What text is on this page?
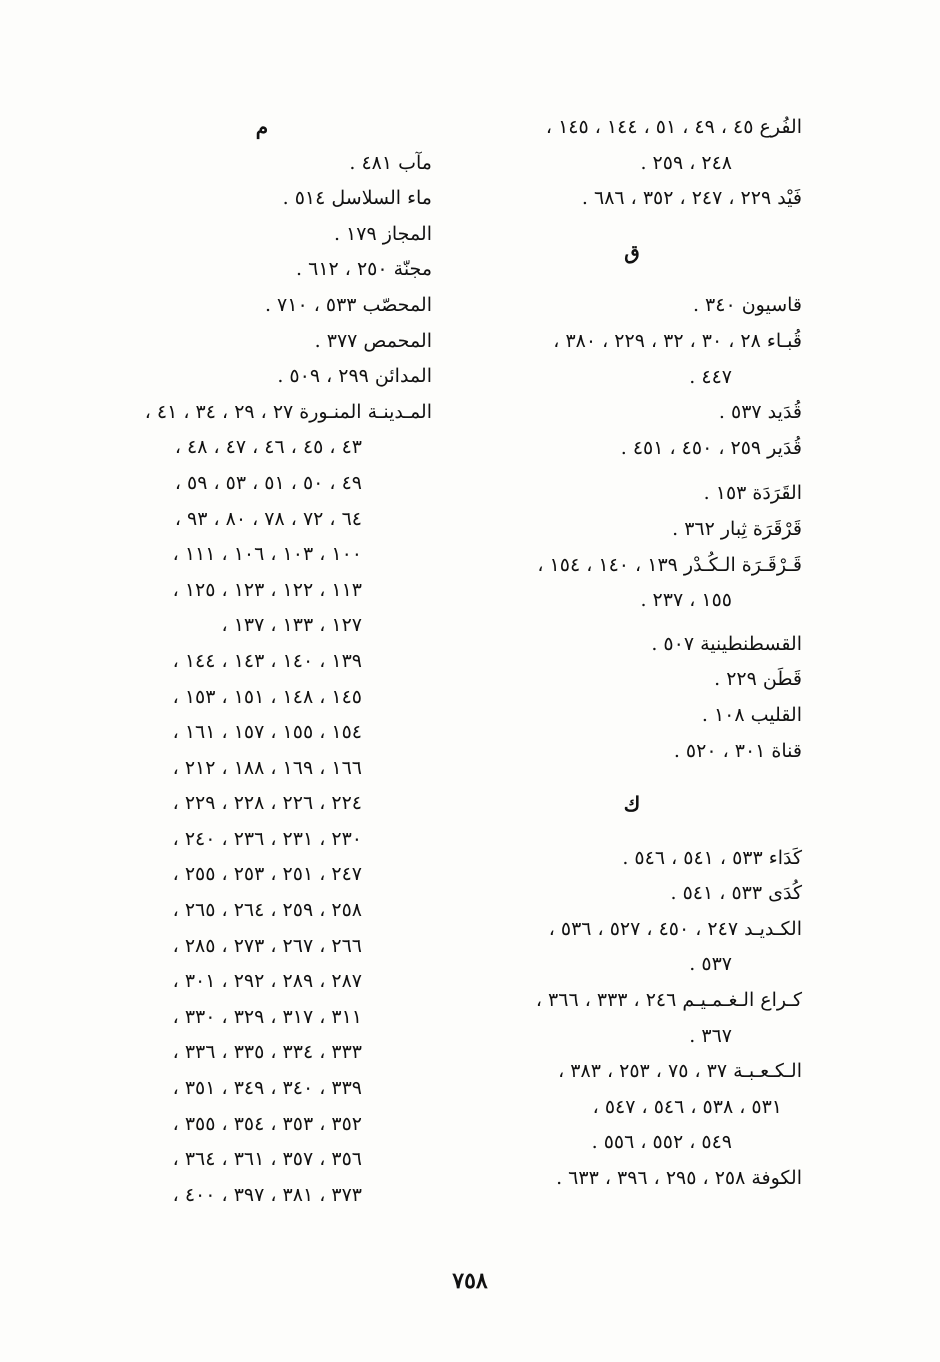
الفُرع ٤٥ ، ٤٩ ، ٥١ ، ١٤٤ ، ١٤٥ ،
٢٤٨ ، ٢٥٩ .
فَيْد ٢٢٩ ، ٢٤٧ ، ٣٥٢ ، ٦٨٦ .
ق
قاسيون ٣٤٠ .
قُبـاء ٢٨ ، ٣٠ ، ٣٢ ، ٢٢٩ ، ٣٨٠ ،
٤٤٧ .
قُدَيد ٥٣٧ .
قُدَير ٢٥٩ ، ٤٥٠ ، ٤٥١ .
القَرَدَة ١٥٣ .
قَرْقَرَة ثِبار ٣٦٢ .
قَـرْقَـرَة الـكُـدْر ١٣٩ ، ١٤٠ ، ١٥٤ ،
١٥٥ ، ٢٣٧ .
القسطنطينية ٥٠٧ .
قَطَن ٢٢٩ .
القليب ١٠٨ .
قناة ٣٠١ ، ٥٢٠ .
ك
كَدَاء ٥٣٣ ، ٥٤١ ، ٥٤٦ .
كُدَى ٥٣٣ ، ٥٤١ .
الكـديـد ٢٤٧ ، ٤٥٠ ، ٥٢٧ ، ٥٣٦ ،
٥٣٧ .
كـراع الـغـمـيـم ٢٤٦ ، ٣٣٣ ، ٣٦٦ ،
٣٦٧ .
الـكـعـبـة ٣٧ ، ٧٥ ، ٢٥٣ ، ٣٨٣ ،
٥٣١ ، ٥٣٨ ، ٥٤٦ ، ٥٤٧ ،
٥٤٩ ، ٥٥٢ ، ٥٥٦ .
الكوفة ٢٥٨ ، ٢٩٥ ، ٣٩٦ ، ٦٣٣ .
م
مآب ٤٨١ .
ماء السلاسل ٥١٤ .
المجاز ١٧٩ .
مجنّة ٢٥٠ ، ٦١٢ .
المحصّب ٥٣٣ ، ٧١٠ .
المحمص ٣٧٧ .
المدائن ٢٩٩ ، ٥٠٩ .
المـدينـة المنـورة ٢٧ ، ٢٩ ، ٣٤ ، ٤١ ،
٤٣ ، ٤٥ ، ٤٦ ، ٤٧ ، ٤٨ ،
٤٩ ، ٥٠ ، ٥١ ، ٥٣ ، ٥٩ ،
٦٤ ، ٧٢ ، ٧٨ ، ٨٠ ، ٩٣ ،
١٠٠ ، ١٠٣ ، ١٠٦ ، ١١١ ،
١١٣ ، ١٢٢ ، ١٢٣ ، ١٢٥ ،
١٢٧ ، ١٣٣ ، ١٣٧ ،
١٣٩ ، ١٤٠ ، ١٤٣ ، ١٤٤ ،
١٤٥ ، ١٤٨ ، ١٥١ ، ١٥٣ ،
١٥٤ ، ١٥٥ ، ١٥٧ ، ١٦١ ،
١٦٦ ، ١٦٩ ، ١٨٨ ، ٢١٢ ،
٢٢٤ ، ٢٢٦ ، ٢٢٨ ، ٢٢٩ ،
٢٣٠ ، ٢٣١ ، ٢٣٦ ، ٢٤٠ ،
٢٤٧ ، ٢٥١ ، ٢٥٣ ، ٢٥٥ ،
٢٥٨ ، ٢٥٩ ، ٢٦٤ ، ٢٦٥ ،
٢٦٦ ، ٢٦٧ ، ٢٧٣ ، ٢٨٥ ،
٢٨٧ ، ٢٨٩ ، ٢٩٢ ، ٣٠١ ،
٣١١ ، ٣١٧ ، ٣٢٩ ، ٣٣٠ ،
٣٣٣ ، ٣٣٤ ، ٣٣٥ ، ٣٣٦ ،
٣٣٩ ، ٣٤٠ ، ٣٤٩ ، ٣٥١ ،
٣٥٢ ، ٣٥٣ ، ٣٥٤ ، ٣٥٥ ،
٣٥٦ ، ٣٥٧ ، ٣٦١ ، ٣٦٤ ،
٣٧٣ ، ٣٨١ ، ٣٩٧ ، ٤٠٠ ،
٧٥٨
